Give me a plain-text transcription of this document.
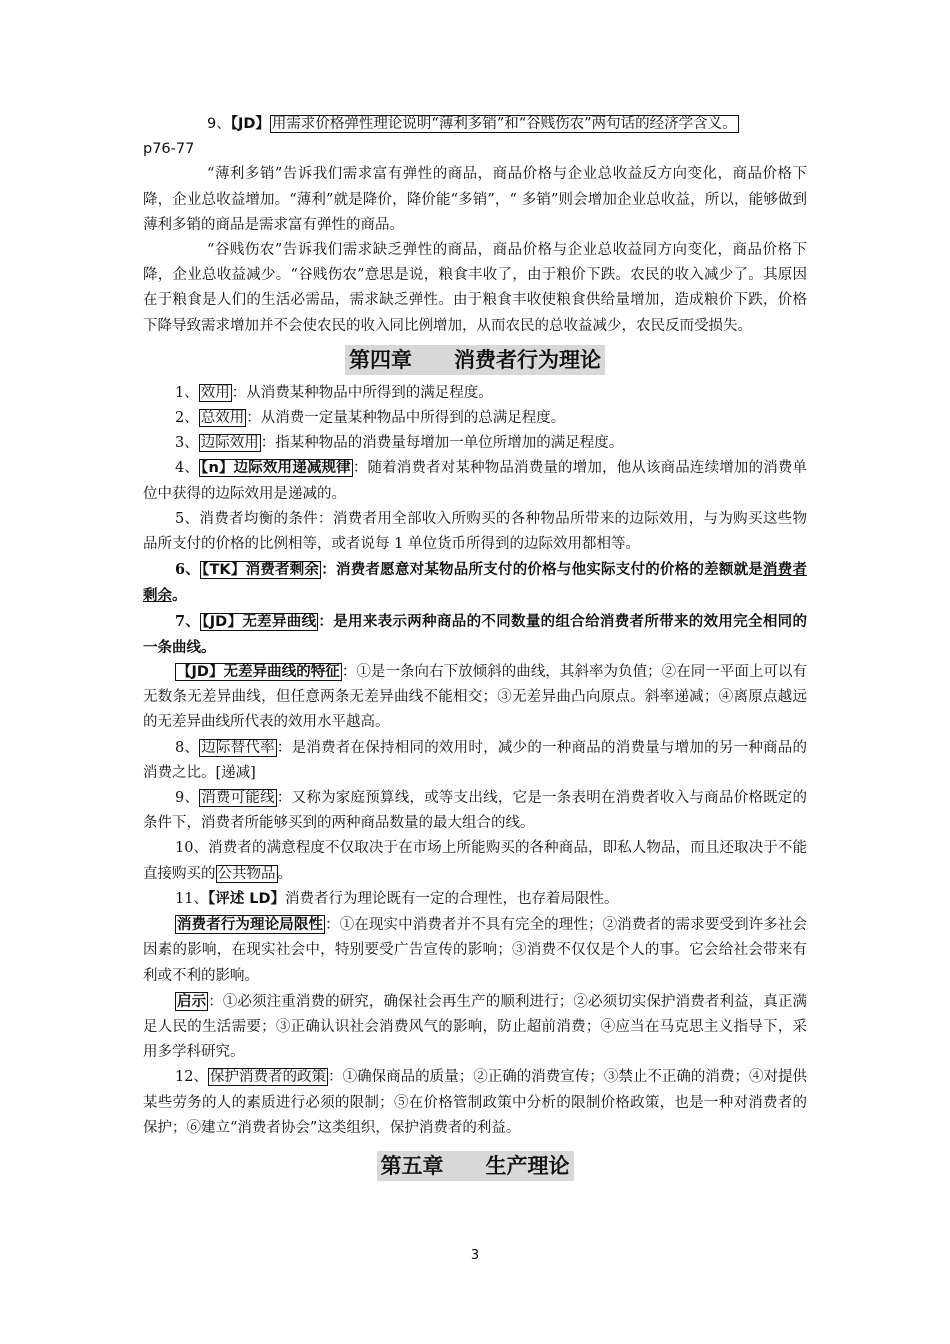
9、【JD】 用需求价格弹性理论说明“薄利多销”和“谷贱伤农”两句话的经济学含义。

p76-77

“薄利多销”告诉我们需求富有弹性的商品，商品价格与企业总收益反方向变化，商品价格下降，企业总收益增加。“薄利”就是降价，降价能“多销”，“ 多销”则会增加企业总收益，所以，能够做到薄利多销的商品是需求富有弹性的商品。

“谷贱伤农”告诉我们需求缺乏弹性的商品，商品价格与企业总收益同方向变化，商品价格下降，企业总收益减少。“谷贱伤农”意思是说，粮食丰收了，由于粮价下跌。农民的收入减少了。其原因在于粮食是人们的生活必需品，需求缺乏弹性。由于粮食丰收使粮食供给量增加，造成粮价下跌，价格下降导致需求增加并不会使农民的收入同比例增加，从而农民的总收益减少，农民反而受损失。

第四章　　消费者行为理论

1、 效用 ：从消费某种物品中所得到的满足程度。

2、 总效用 ：从消费一定量某种物品中所得到的总满足程度。

3、 边际效用 ：指某种物品的消费量每增加一单位所增加的满足程度。

4、 【n】边际效用递减规律 ：随着消费者对某种物品消费量的增加，他从该商品连续增加的消费单位中获得的边际效用是递减的。

5、消费者均衡的条件：消费者用全部收入所购买的各种物品所带来的边际效用，与为购买这些物品所支付的价格的比例相等，或者说每 1 单位货币所得到的边际效用都相等。

6、 【TK】消费者剩余 ：消费者愿意对某物品所支付的价格与他实际支付的价格的差额就是消费者剩余。

7、 【JD】无差异曲线 ：是用来表示两种商品的不同数量的组合给消费者所带来的效用完全相同的一条曲线。

【JD】无差异曲线的特征 ：①是一条向右下放倾斜的曲线，其斜率为负值；②在同一平面上可以有无数条无差异曲线，但任意两条无差异曲线不能相交；③无差异曲凸向原点。斜率递减；④离原点越远的无差异曲线所代表的效用水平越高。

8、 边际替代率 ：是消费者在保持相同的效用时，减少的一种商品的消费量与增加的另一种商品的消费之比。[递减]

9、 消费可能线 ：又称为家庭预算线，或等支出线，它是一条表明在消费者收入与商品价格既定的条件下，消费者所能够买到的两种商品数量的最大组合的线。

10、消费者的满意程度不仅取决于在市场上所能购买的各种商品，即私人物品，而且还取决于不能直接购买的 公共物品 。

11、【评述 LD】消费者行为理论既有一定的合理性，也存着局限性。

消费者行为理论局限性 ：①在现实中消费者并不具有完全的理性；②消费者的需求要受到许多社会因素的影响，在现实社会中，特别要受广告宣传的影响；③消费不仅仅是个人的事。它会给社会带来有利或不利的影响。

启示 ：①必须注重消费的研究，确保社会再生产的顺利进行；②必须切实保护消费者利益，真正满足人民的生活需要；③正确认识社会消费风气的影响，防止超前消费；④应当在马克思主义指导下，采用多学科研究。

12、 保护消费者的政策 ：①确保商品的质量；②正确的消费宣传；③禁止不正确的消费；④对提供某些劳务的人的素质进行必须的限制；⑤在价格管制政策中分析的限制价格政策，也是一种对消费者的保护；⑥建立“消费者协会”这类组织，保护消费者的利益。

第五章　　生产理论
3
